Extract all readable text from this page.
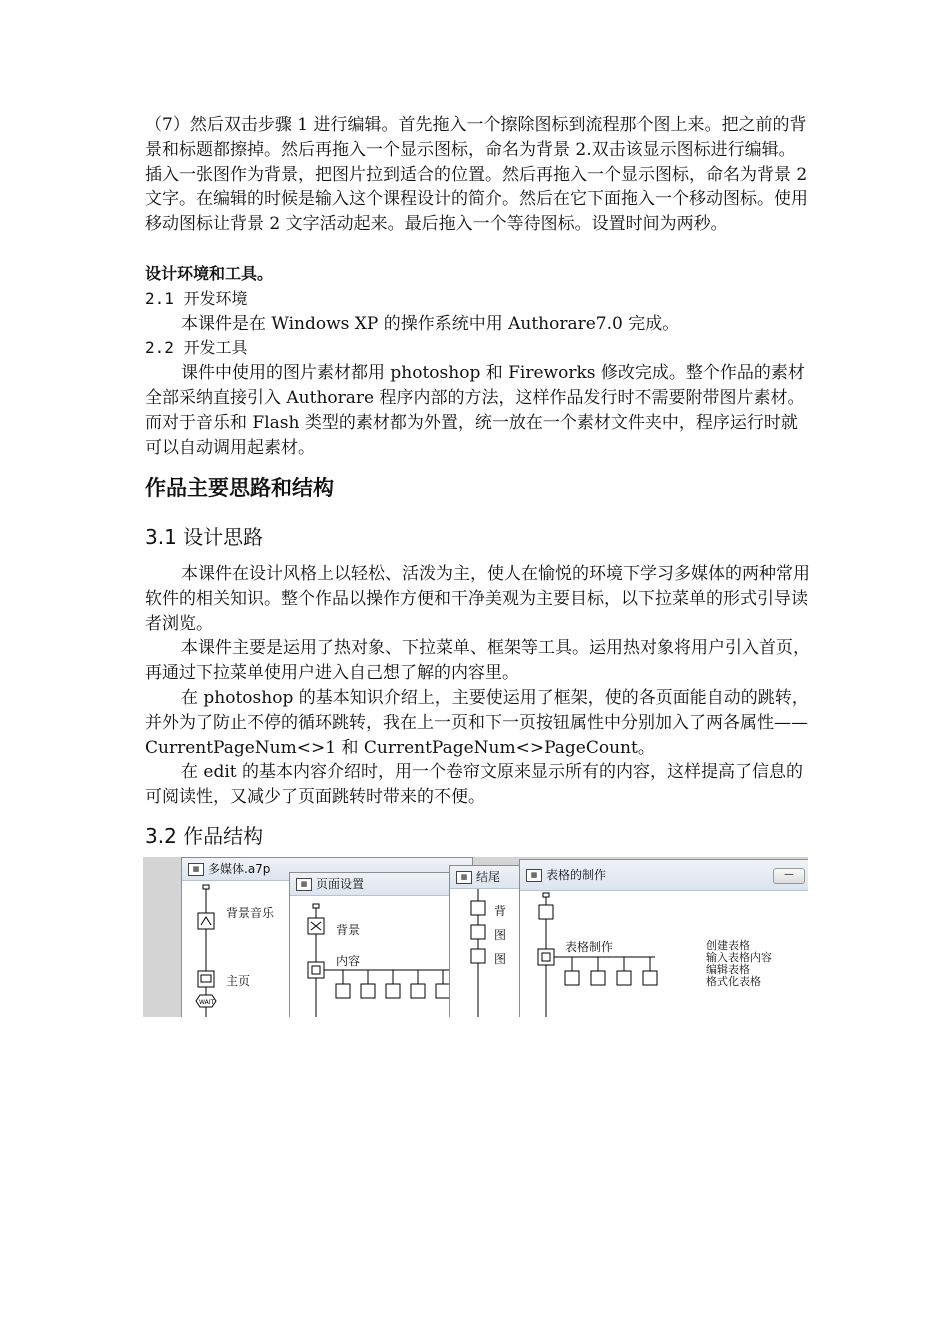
（7）然后双击步骤 1 进行编辑。首先拖入一个擦除图标到流程那个图上来。把之前的背景和标题都擦掉。然后再拖入一个显示图标，命名为背景 2.双击该显示图标进行编辑。插入一张图作为背景，把图片拉到适合的位置。然后再拖入一个显示图标，命名为背景 2 文字。在编辑的时候是输入这个课程设计的简介。然后在它下面拖入一个移动图标。使用移动图标让背景 2 文字活动起来。最后拖入一个等待图标。设置时间为两秒。

设计环境和工具。

2.1 开发环境

本课件是在 Windows XP 的操作系统中用 Authorare7.0 完成。

2.2 开发工具

课件中使用的图片素材都用 photoshop 和 Fireworks 修改完成。整个作品的素材全部采纳直接引入 Authorare 程序内部的方法，这样作品发行时不需要附带图片素材。而对于音乐和 Flash 类型的素材都为外置，统一放在一个素材文件夹中，程序运行时就可以自动调用起素材。

作品主要思路和结构

3.1 设计思路

本课件在设计风格上以轻松、活泼为主，使人在愉悦的环境下学习多媒体的两种常用软件的相关知识。整个作品以操作方便和干净美观为主要目标，以下拉菜单的形式引导读者浏览。

本课件主要是运用了热对象、下拉菜单、框架等工具。运用热对象将用户引入首页，再通过下拉菜单使用户进入自己想了解的内容里。

在 photoshop 的基本知识介绍上，主要使运用了框架，使的各页面能自动的跳转，并外为了防止不停的循环跳转，我在上一页和下一页按钮属性中分别加入了两各属性——CurrentPageNum<>1 和 CurrentPageNum<>PageCount。

在 edit 的基本内容介绍时，用一个卷帘文原来显示所有的内容，这样提高了信息的可阅读性，又减少了页面跳转时带来的不便。

3.2 作品结构

▦ 多媒体.a7p
WAIT
背景音乐
主页
▦ 页面设置
背景
内容
▦ 结尾
背
图
图
▦ 表格的制作	—
表格制作	创建表格
输入表格内容
编辑表格
格式化表格
